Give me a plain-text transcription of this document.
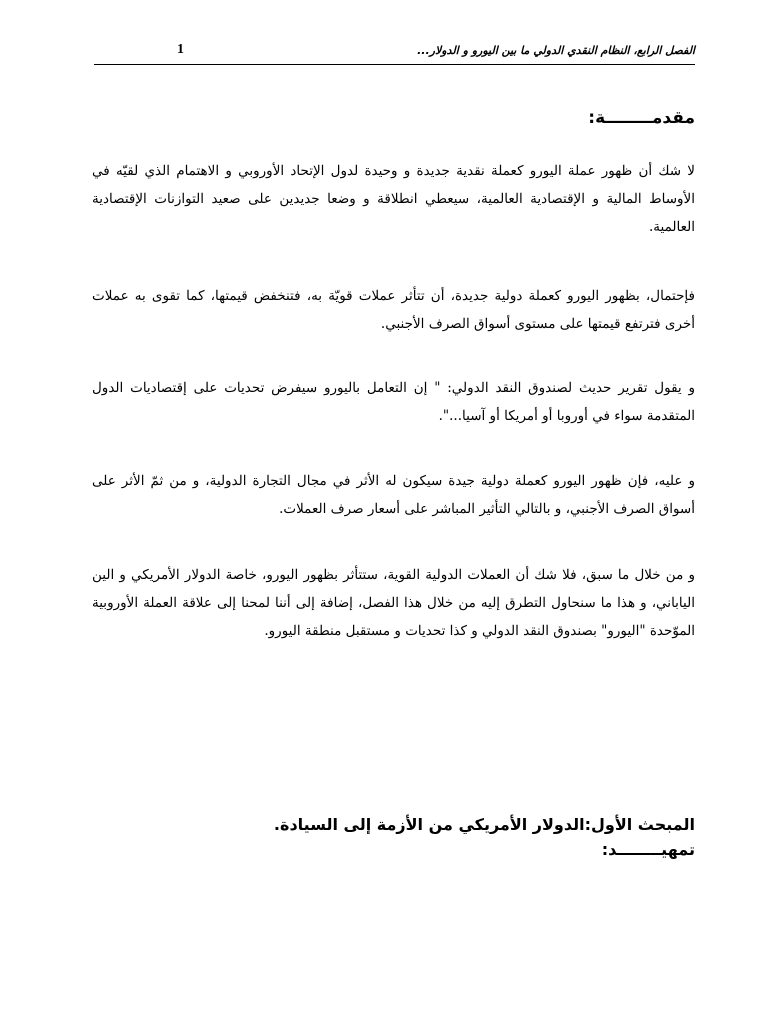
الفصل الرابع، النظام النقدي الدولي ما بين اليورو و الدولار...
1
مقدمــــــــة:

لا شك أن ظهور عملة اليورو كعملة نقدية جديدة و وحيدة لدول الإتحاد الأوروبي و الاهتمام الذي لقيّه في الأوساط المالية و الإقتصادية العالمية، سيعطي انطلاقة و وضعا جديدين على صعيد التوازنات الإقتصادية العالمية.

فإحتمال، بظهور اليورو كعملة دولية جديدة، أن تتأثر عملات قويّة به، فتنخفض قيمتها، كما تقوى به عملات أخرى فترتفع قيمتها على مستوى أسواق الصرف الأجنبي.

و يقول تقرير حديث لصندوق النقد الدولي: " إن التعامل باليورو سيفرض تحديات على إقتصاديات الدول المتقدمة سواء في أوروبا أو أمريكا أو آسيا...".

و عليه، فإن ظهور اليورو كعملة دولية جيدة سيكون له الأثر في مجال التجارة الدولية، و من ثمّ الأثر على أسواق الصرف الأجنبي، و بالتالي التأثير المباشر على أسعار صرف العملات.

و من خلال ما سبق، فلا شك أن العملات الدولية القوية، ستتأثر بظهور اليورو، خاصة الدولار الأمريكي و الين الياباني، و هذا ما سنحاول التطرق إليه من خلال هذا الفصل، إضافة إلى أننا لمحنا إلى علاقة العملة الأوروبية الموّحدة "اليورو" بصندوق النقد الدولي و كذا تحديات و مستقبل منطقة اليورو.

المبحث الأول:الدولار الأمريكي من الأزمة إلى السيادة.
تمهيــــــــد:
